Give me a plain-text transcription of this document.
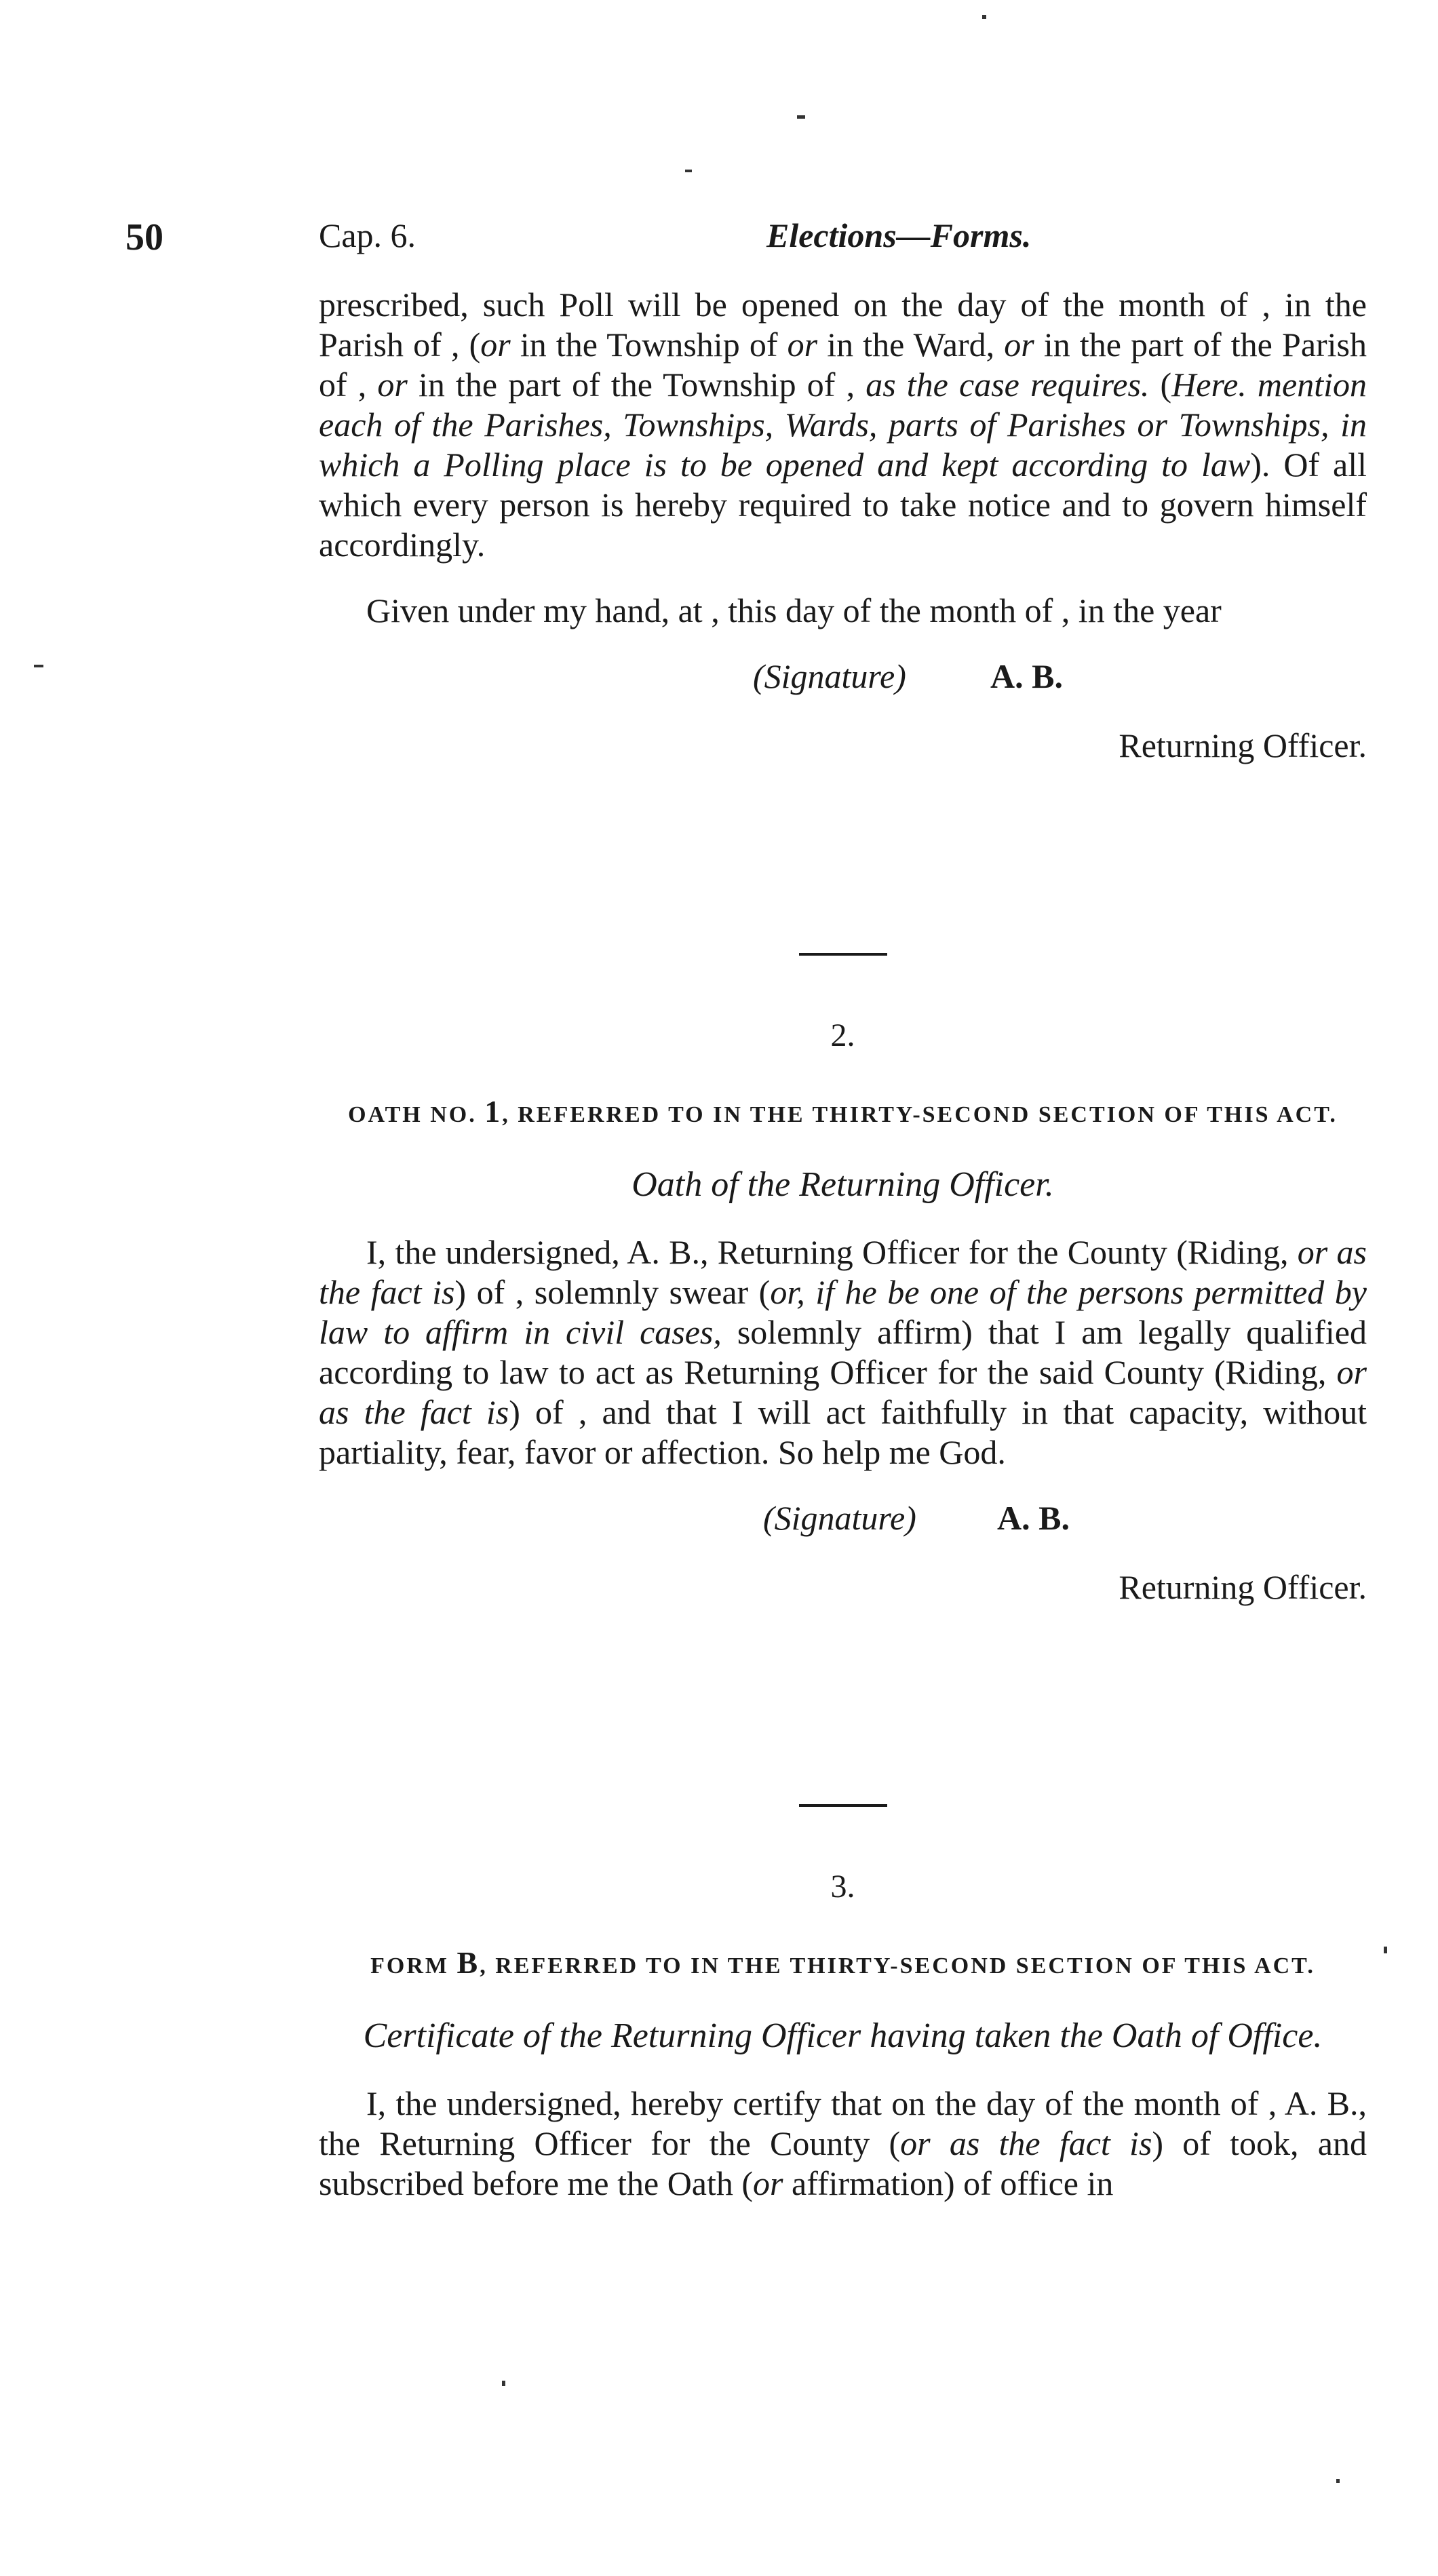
50	Cap. 6.	Elections—Forms.

prescribed, such Poll will be opened on the day of the month of , in the Parish of , (or in the Township of or in the Ward, or in the part of the Parish of , or in the part of the Township of , as the case requires. (Here. mention each of the Parishes, Townships, Wards, parts of Parishes or Townships, in which a Polling place is to be opened and kept according to law). Of all which every person is hereby required to take notice and to govern himself accordingly.

Given under my hand, at , this day of the month of , in the year

(Signature) A. B.

Returning Officer.

2.

OATH NO. 1, REFERRED TO IN THE THIRTY-SECOND SECTION OF THIS ACT.

Oath of the Returning Officer.

I, the undersigned, A. B., Returning Officer for the County (Riding, or as the fact is) of , solemnly swear (or, if he be one of the persons permitted by law to affirm in civil cases, solemnly affirm) that I am legally qualified according to law to act as Returning Officer for the said County (Riding, or as the fact is) of , and that I will act faithfully in that capacity, without partiality, fear, favor or affection. So help me God.

(Signature) A. B.

Returning Officer.

3.

FORM B, REFERRED TO IN THE THIRTY-SECOND SECTION OF THIS ACT.

Certificate of the Returning Officer having taken the Oath of Office.

I, the undersigned, hereby certify that on the day of the month of , A. B., the Returning Officer for the County (or as the fact is) of took, and subscribed before me the Oath (or affirmation) of office in
